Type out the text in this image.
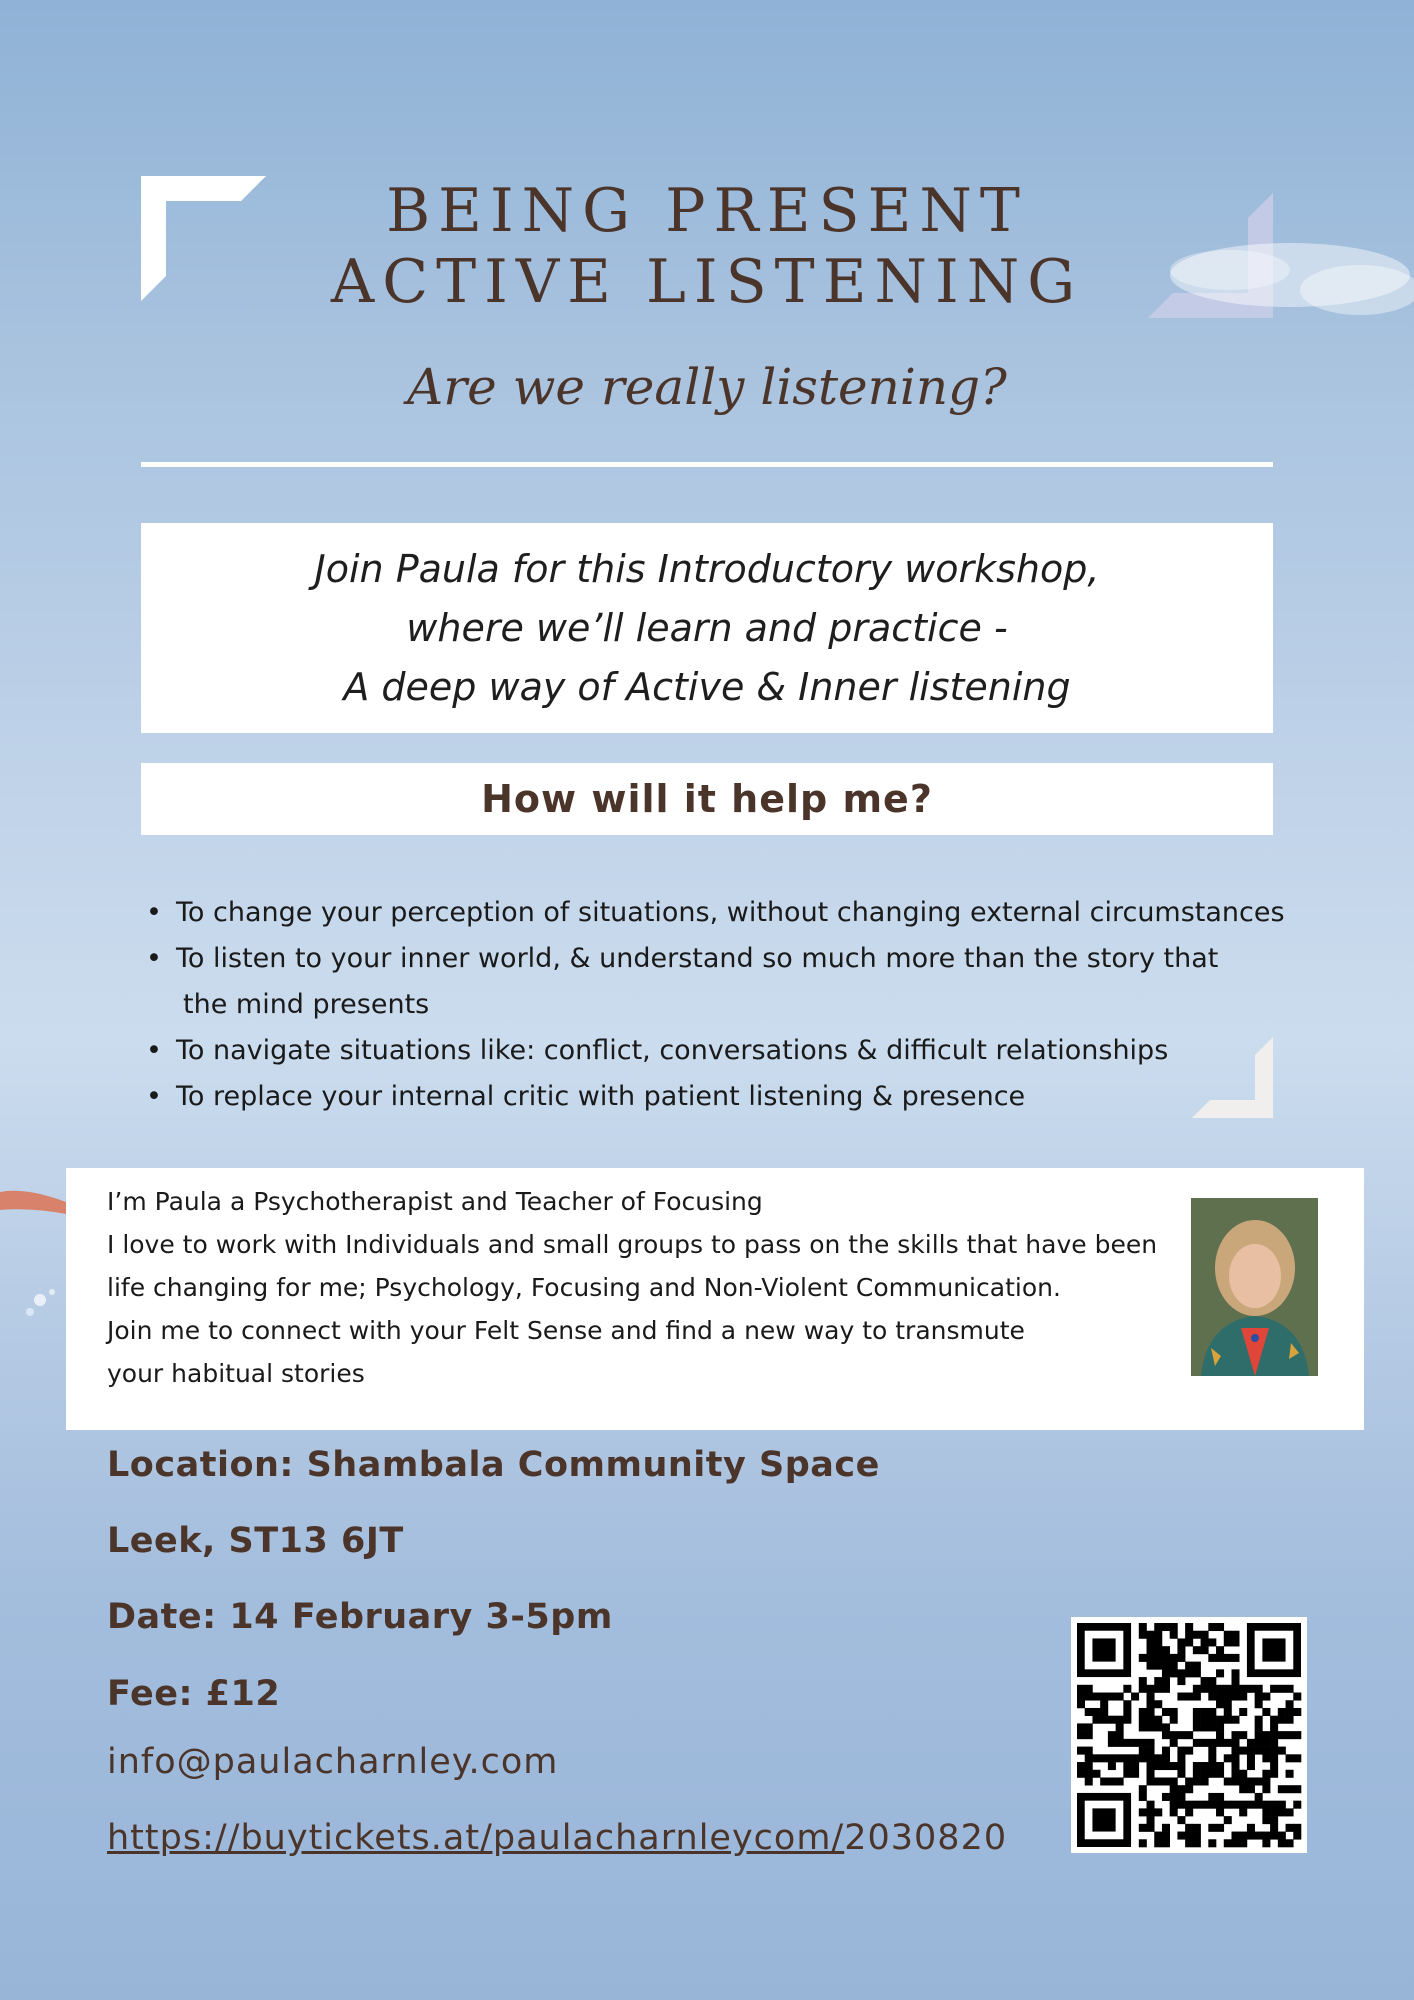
BEING PRESENT
ACTIVE LISTENING
Are we really listening?
Join Paula for this Introductory workshop,
where we’ll learn and practice -
A deep way of Active & Inner listening
How will it help me?
• To change your perception of situations, without changing external circumstances
• To listen to your inner world, & understand so much more than the story that
the mind presents
• To navigate situations like: conflict, conversations & difficult relationships
• To replace your internal critic with patient listening & presence
I’m Paula a Psychotherapist and Teacher of Focusing
I love to work with Individuals and small groups to pass on the skills that have been
life changing for me; Psychology, Focusing and Non-Violent Communication.
Join me to connect with your Felt Sense and find a new way to transmute
your habitual stories
Location: Shambala Community Space
Leek, ST13 6JT
Date: 14 February 3-5pm
Fee: £12
info@paulacharnley.com
https://buytickets.at/paulacharnleycom/2030820
